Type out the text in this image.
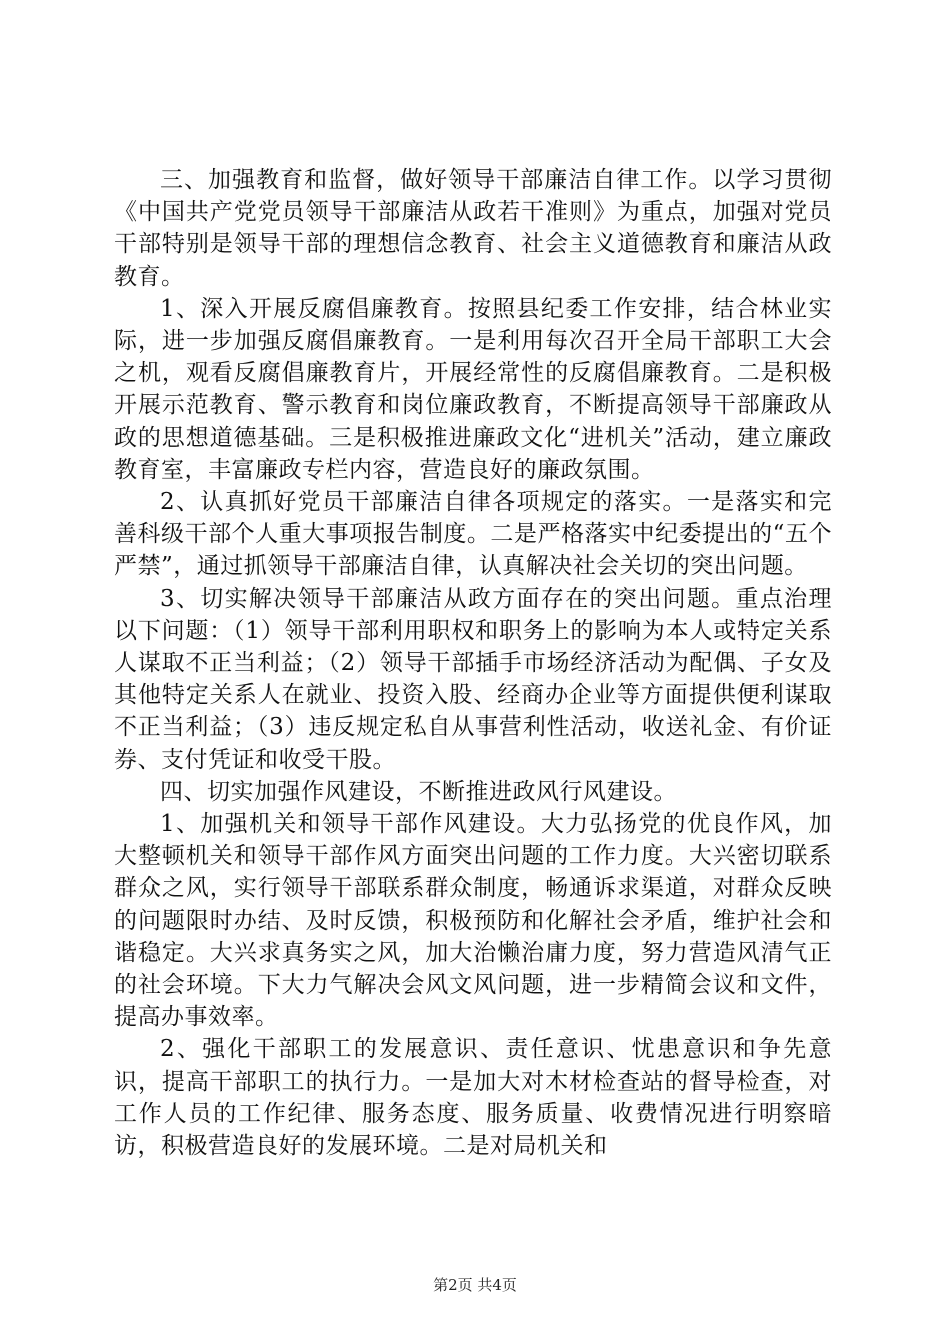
三、加强教育和监督，做好领导干部廉洁自律工作。以学习贯彻《中国共产党党员领导干部廉洁从政若干准则》为重点，加强对党员干部特别是领导干部的理想信念教育、社会主义道德教育和廉洁从政教育。

1、深入开展反腐倡廉教育。按照县纪委工作安排，结合林业实际，进一步加强反腐倡廉教育。一是利用每次召开全局干部职工大会之机，观看反腐倡廉教育片，开展经常性的反腐倡廉教育。二是积极开展示范教育、警示教育和岗位廉政教育，不断提高领导干部廉政从政的思想道德基础。三是积极推进廉政文化“进机关”活动，建立廉政教育室，丰富廉政专栏内容，营造良好的廉政氛围。

2、认真抓好党员干部廉洁自律各项规定的落实。一是落实和完善科级干部个人重大事项报告制度。二是严格落实中纪委提出的“五个严禁”，通过抓领导干部廉洁自律，认真解决社会关切的突出问题。

3、切实解决领导干部廉洁从政方面存在的突出问题。重点治理以下问题：（1）领导干部利用职权和职务上的影响为本人或特定关系人谋取不正当利益；（2）领导干部插手市场经济活动为配偶、子女及其他特定关系人在就业、投资入股、经商办企业等方面提供便利谋取不正当利益；（3）违反规定私自从事营利性活动，收送礼金、有价证券、支付凭证和收受干股。

四、切实加强作风建设，不断推进政风行风建设。

1、加强机关和领导干部作风建设。大力弘扬党的优良作风，加大整顿机关和领导干部作风方面突出问题的工作力度。大兴密切联系群众之风，实行领导干部联系群众制度，畅通诉求渠道，对群众反映的问题限时办结、及时反馈，积极预防和化解社会矛盾，维护社会和谐稳定。大兴求真务实之风，加大治懒治庸力度，努力营造风清气正的社会环境。下大力气解决会风文风问题，进一步精简会议和文件，提高办事效率。

2、强化干部职工的发展意识、责任意识、忧患意识和争先意识，提高干部职工的执行力。一是加大对木材检查站的督导检查，对工作人员的工作纪律、服务态度、服务质量、收费情况进行明察暗访，积极营造良好的发展环境。二是对局机关和

第2页 共4页
